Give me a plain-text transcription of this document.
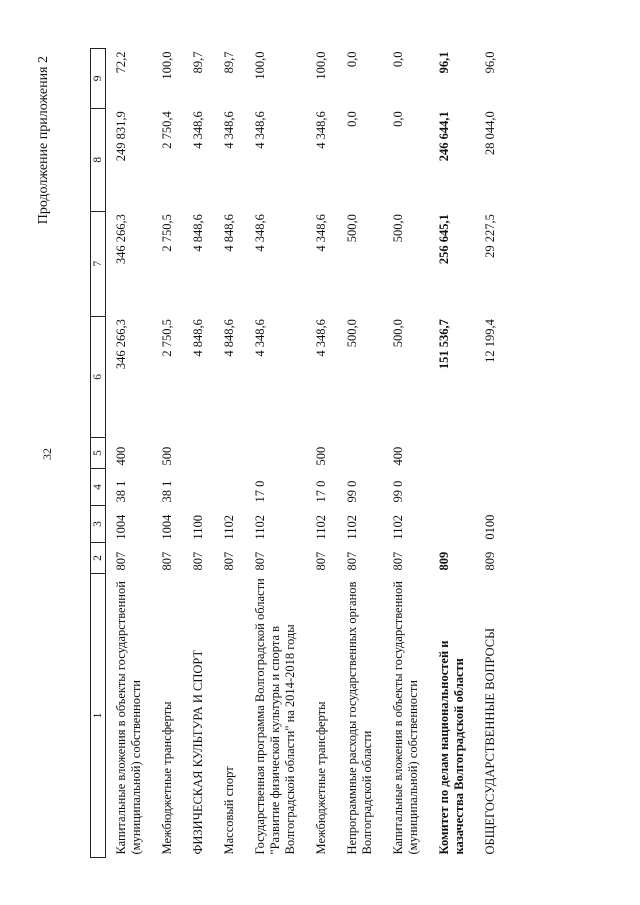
32
Продолжение приложения 2
1	2	3	4	5	6	7	8	9
Капитальные вложения в объекты государственной (муниципальной) собственности	807	1004	38 1	400	346 266,3	346 266,3	249 831,9	72,2
Межбюджетные трансферты	807	1004	38 1	500	2 750,5	2 750,5	2 750,4	100,0
ФИЗИЧЕСКАЯ КУЛЬТУРА И СПОРТ	807	1100			4 848,6	4 848,6	4 348,6	89,7
Массовый спорт	807	1102			4 848,6	4 848,6	4 348,6	89,7
Государственная программа Волгоградской области "Развитие физической культуры и спорта в Волгоградской области" на 2014-2018 годы	807	1102	17 0		4 348,6	4 348,6	4 348,6	100,0
Межбюджетные трансферты	807	1102	17 0	500	4 348,6	4 348,6	4 348,6	100,0
Непрограммные расходы государственных органов Волгоградской области	807	1102	99 0		500,0	500,0	0,0	0,0
Капитальные вложения в объекты государственной (муниципальной) собственности	807	1102	99 0	400	500,0	500,0	0,0	0,0
Комитет по делам национальностей и казачества Волгоградской области	809				151 536,7	256 645,1	246 644,1	96,1
ОБЩЕГОСУДАРСТВЕННЫЕ ВОПРОСЫ	809	0100			12 199,4	29 227,5	28 044,0	96,0
